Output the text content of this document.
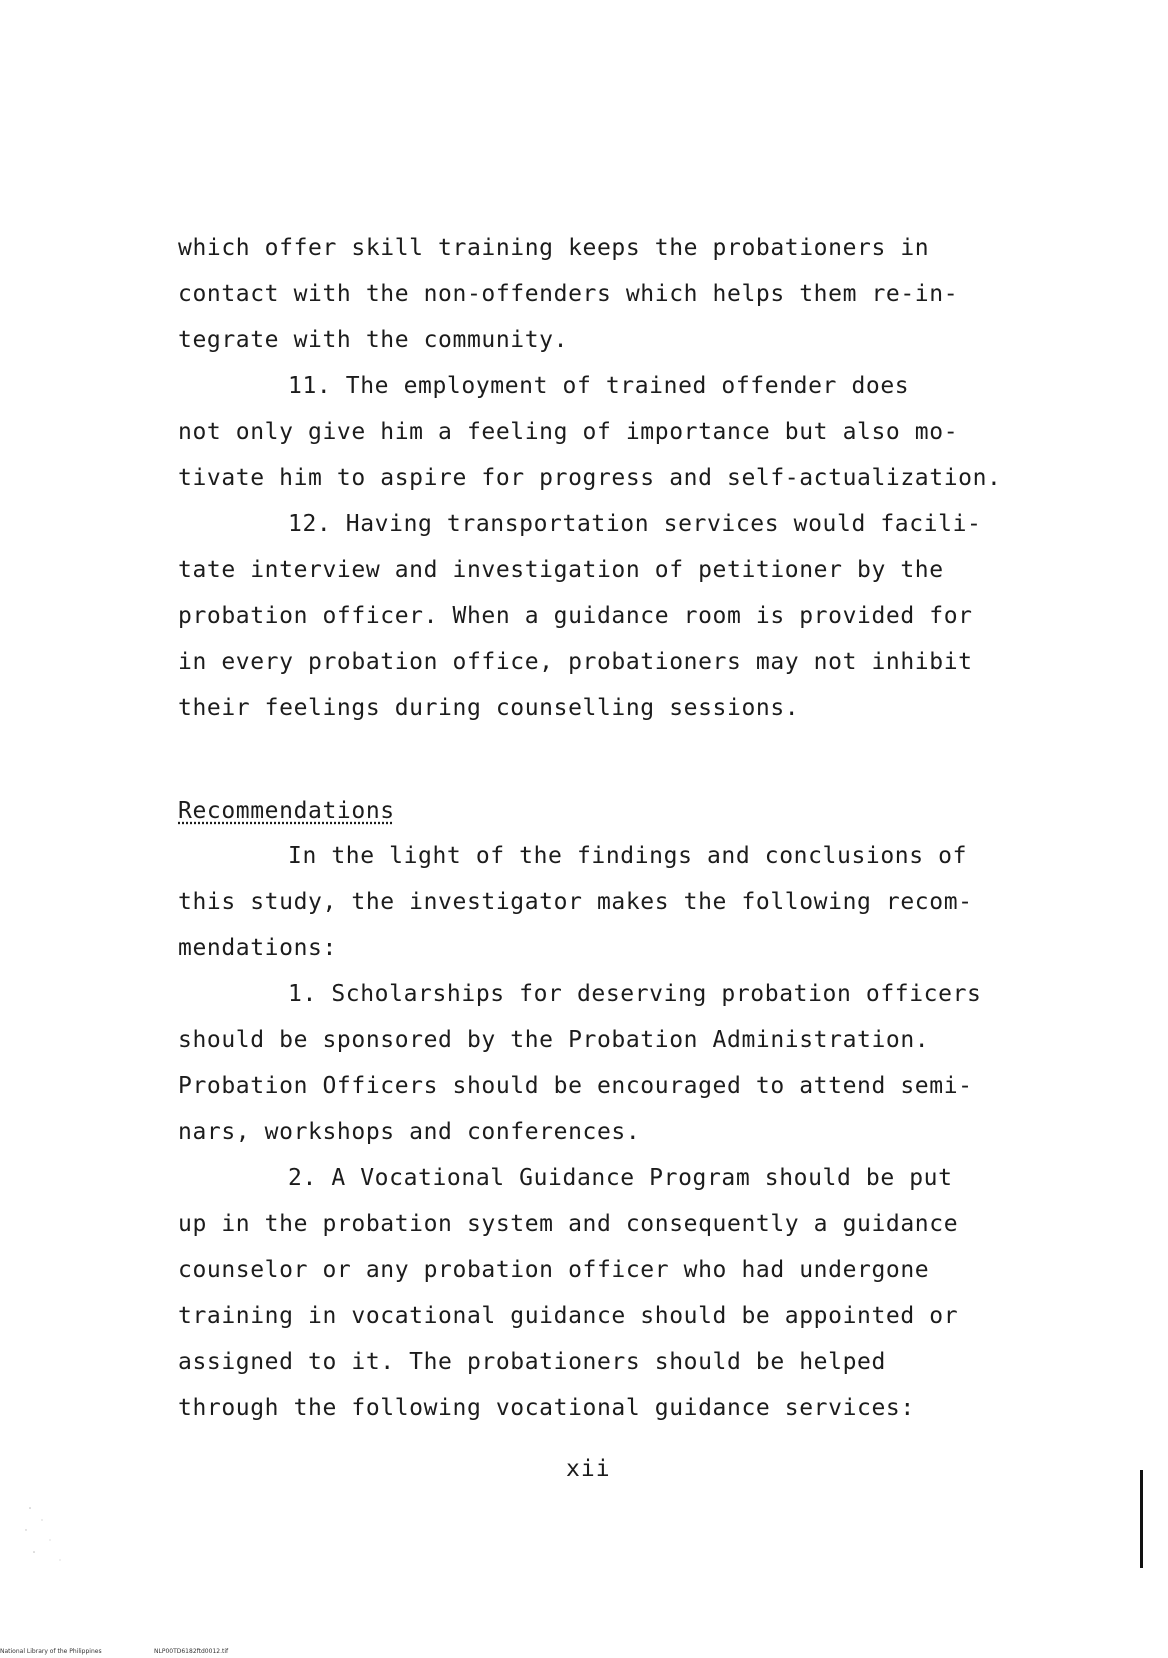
which offer skill training keeps the probationers in
contact with the non-offenders which helps them re-in-
tegrate with the community.
11. The employment of trained offender does
not only give him a feeling of importance but also mo-
tivate him to aspire for progress and self-actualization.
12. Having transportation services would facili-
tate interview and investigation of petitioner by the
probation officer. When a guidance room is provided for
in every probation office, probationers may not inhibit
their feelings during counselling sessions.
Recommendations
In the light of the findings and conclusions of
this study, the investigator makes the following recom-
mendations:
1. Scholarships for deserving probation officers
should be sponsored by the Probation Administration.
Probation Officers should be encouraged to attend semi-
nars, workshops and conferences.
2. A Vocational Guidance Program should be put
up in the probation system and consequently a guidance
counselor or any probation officer who had undergone
training in vocational guidance should be appointed or
assigned to it. The probationers should be helped
through the following vocational guidance services:
xii
National Library of the Philippines	NLP00TD6182ftd0012.tif
